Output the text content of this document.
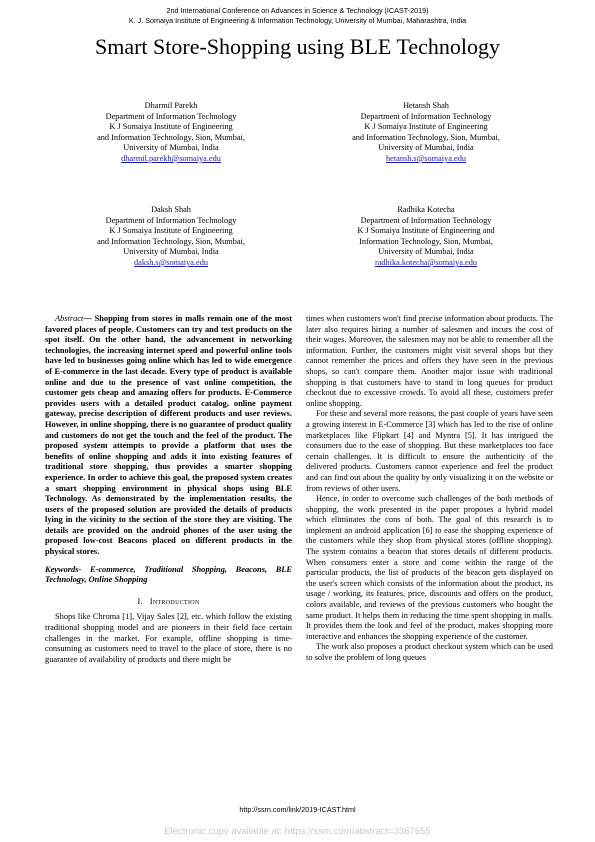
2nd International Conference on Advances in Science & Technology (ICAST-2019)
K. J. Somaiya Institute of Engineering & Information Technology, University of Mumbai, Maharashtra, India
Smart Store-Shopping using BLE Technology
Dharmil Parekh
Department of Information Technology
K J Somaiya Institute of Engineering
and Information Technology, Sion, Mumbai,
University of Mumbai, India
dharmil.parekh@somaiya.edu
Hetansh Shah
Department of Information Technology
K J Somaiya Institute of Engineering
and Information Technology, Sion, Mumbai,
University of Mumbai, India
hetansh.s@somaiya.edu
Daksh Shah
Department of Information Technology
K J Somaiya Institute of Engineering
and Information Technology, Sion, Mumbai,
University of Mumbai, India
daksh.s@somaiya.edu
Radhika Kotecha
Department of Information Technology
K J Somaiya Institute of Engineering and
Information Technology, Sion, Mumbai,
University of Mumbai, India
radhika.kotecha@somaiya.edu

Abstract— Shopping from stores in malls remain one of the most favored places of people. Customers can try and test products on the spot itself. On the other hand, the advancement in networking technologies, the increasing internet speed and powerful online tools have led to businesses going online which has led to wide emergence of E-commerce in the last decade. Every type of product is available online and due to the presence of vast online competition, the customer gets cheap and amazing offers for products. E-Commerce provides users with a detailed product catalog, online payment gateway, precise description of different products and user reviews. However, in online shopping, there is no guarantee of product quality and customers do not get the touch and the feel of the product. The proposed system attempts to provide a platform that uses the benefits of online shopping and adds it into existing features of traditional store shopping, thus provides a smarter shopping experience. In order to achieve this goal, the proposed system creates a smart shopping environment in physical shops using BLE Technology. As demonstrated by the implementation results, the users of the proposed solution are provided the details of products lying in the vicinity to the section of the store they are visiting. The details are provided on the android phones of the user using the proposed low-cost Beacons placed on different products in the physical stores.

Keywords- E-commerce, Traditional Shopping, Beacons, BLE Technology, Online Shopping

I. Introduction

Shops like Chroma [1], Vijay Sales [2], etc. which follow the existing traditional shopping model and are pioneers in their field face certain challenges in the market. For example, offline shopping is time-consuming as customers need to travel to the place of store, there is no guarantee of availability of products and there might be

times when customers won't find precise information about products. The later also requires hiring a number of salesmen and incurs the cost of their wages. Moreover, the salesmen may not be able to remember all the information. Further, the customers might visit several shops but they cannot remember the prices and offers they have seen in the previous shops, so can't compare them. Another major issue with traditional shopping is that customers have to stand in long queues for product checkout due to excessive crowds. To avoid all these, customers prefer online shopping.

For these and several more reasons, the past couple of years have seen a growing interest in E-Commerce [3] which has led to the rise of online marketplaces like Flipkart [4] and Myntra [5]. It has intrigued the consumers due to the ease of shopping. But these marketplaces too face certain challenges. It is difficult to ensure the authenticity of the delivered products. Customers cannot experience and feel the product and can find out about the quality by only visualizing it on the website or from reviews of other users.

Hence, in order to overcome such challenges of the both methods of shopping, the work presented in the paper proposes a hybrid model which eliminates the cons of both. The goal of this research is to implement an android application [6] to ease the shopping experience of the customers while they shop from physical stores (offline shopping). The system contains a beacon that stores details of different products. When consumers enter a store and come within the range of the particular products, the list of products of the beacon gets displayed on the user's screen which consists of the information about the product, its usage / working, its features, price, discounts and offers on the product, colors available, and reviews of the previous customers who bought the same product. It helps them in reducing the time spent shopping in malls. It provides them the look and feel of the product, makes shopping more interactive and enhances the shopping experience of the customer.

The work also proposes a product checkout system which can be used to solve the problem of long queues

http://ssrn.com/link/2019-ICAST.html
Electronic copy available at: https://ssrn.com/abstract=3367655
